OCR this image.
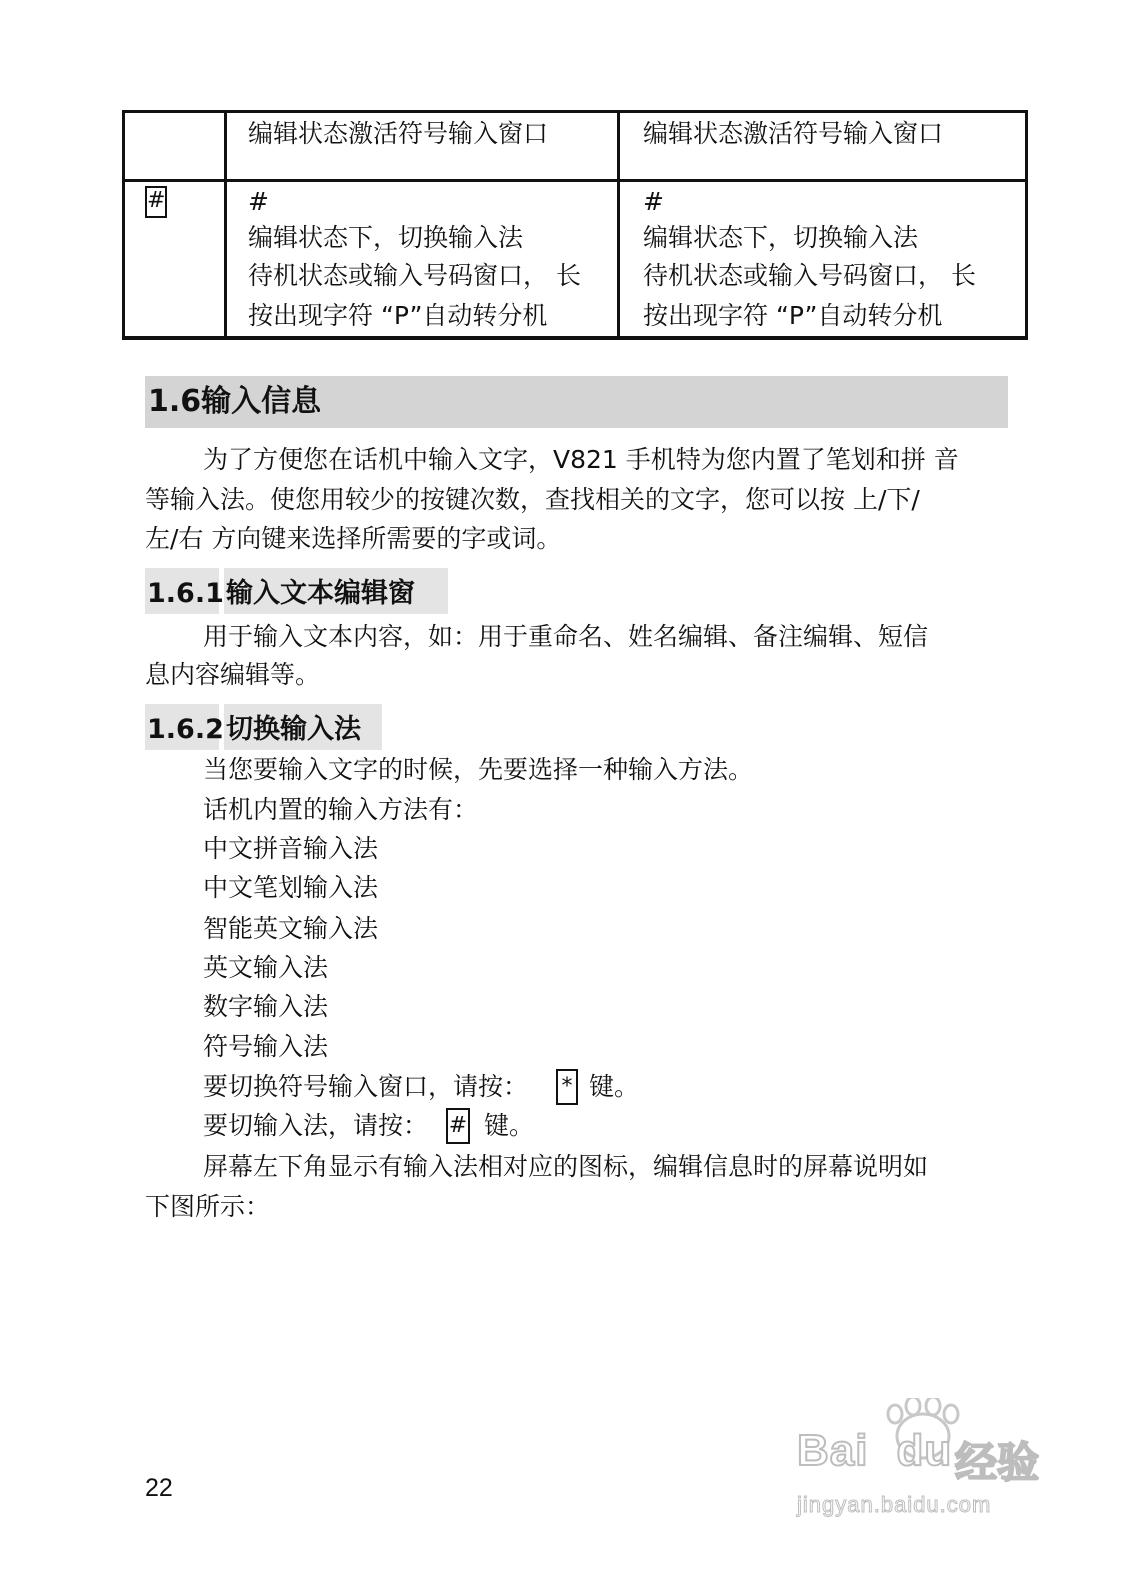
编辑状态激活符号输入窗口	编辑状态激活符号输入窗口
#	#
编辑状态下，切换输入法
待机状态或输入号码窗口， 长
按出现字符 “P”自动转分机
#
编辑状态下，切换输入法
待机状态或输入号码窗口， 长
按出现字符 “P”自动转分机
1.6输入信息
为了方便您在话机中输入文字，V821 手机特为您内置了笔划和拼 音
等输入法。使您用较少的按键次数，查找相关的文字，您可以按 上/下/
左/右 方向键来选择所需要的字或词。
1.6.1 输入文本编辑窗
用于输入文本内容，如：用于重命名、姓名编辑、备注编辑、短信
息内容编辑等。
1.6.2 切换输入法
当您要输入文字的时候，先要选择一种输入方法。
话机内置的输入方法有：
中文拼音输入法
中文笔划输入法
智能英文输入法
英文输入法
数字输入法
符号输入法
要切换符号输入窗口，请按： * 键。
要切输入法，请按： # 键。
屏幕左下角显示有输入法相对应的图标，编辑信息时的屏幕说明如
下图所示：
22
Bai du 经验
jingyan.baidu.com
